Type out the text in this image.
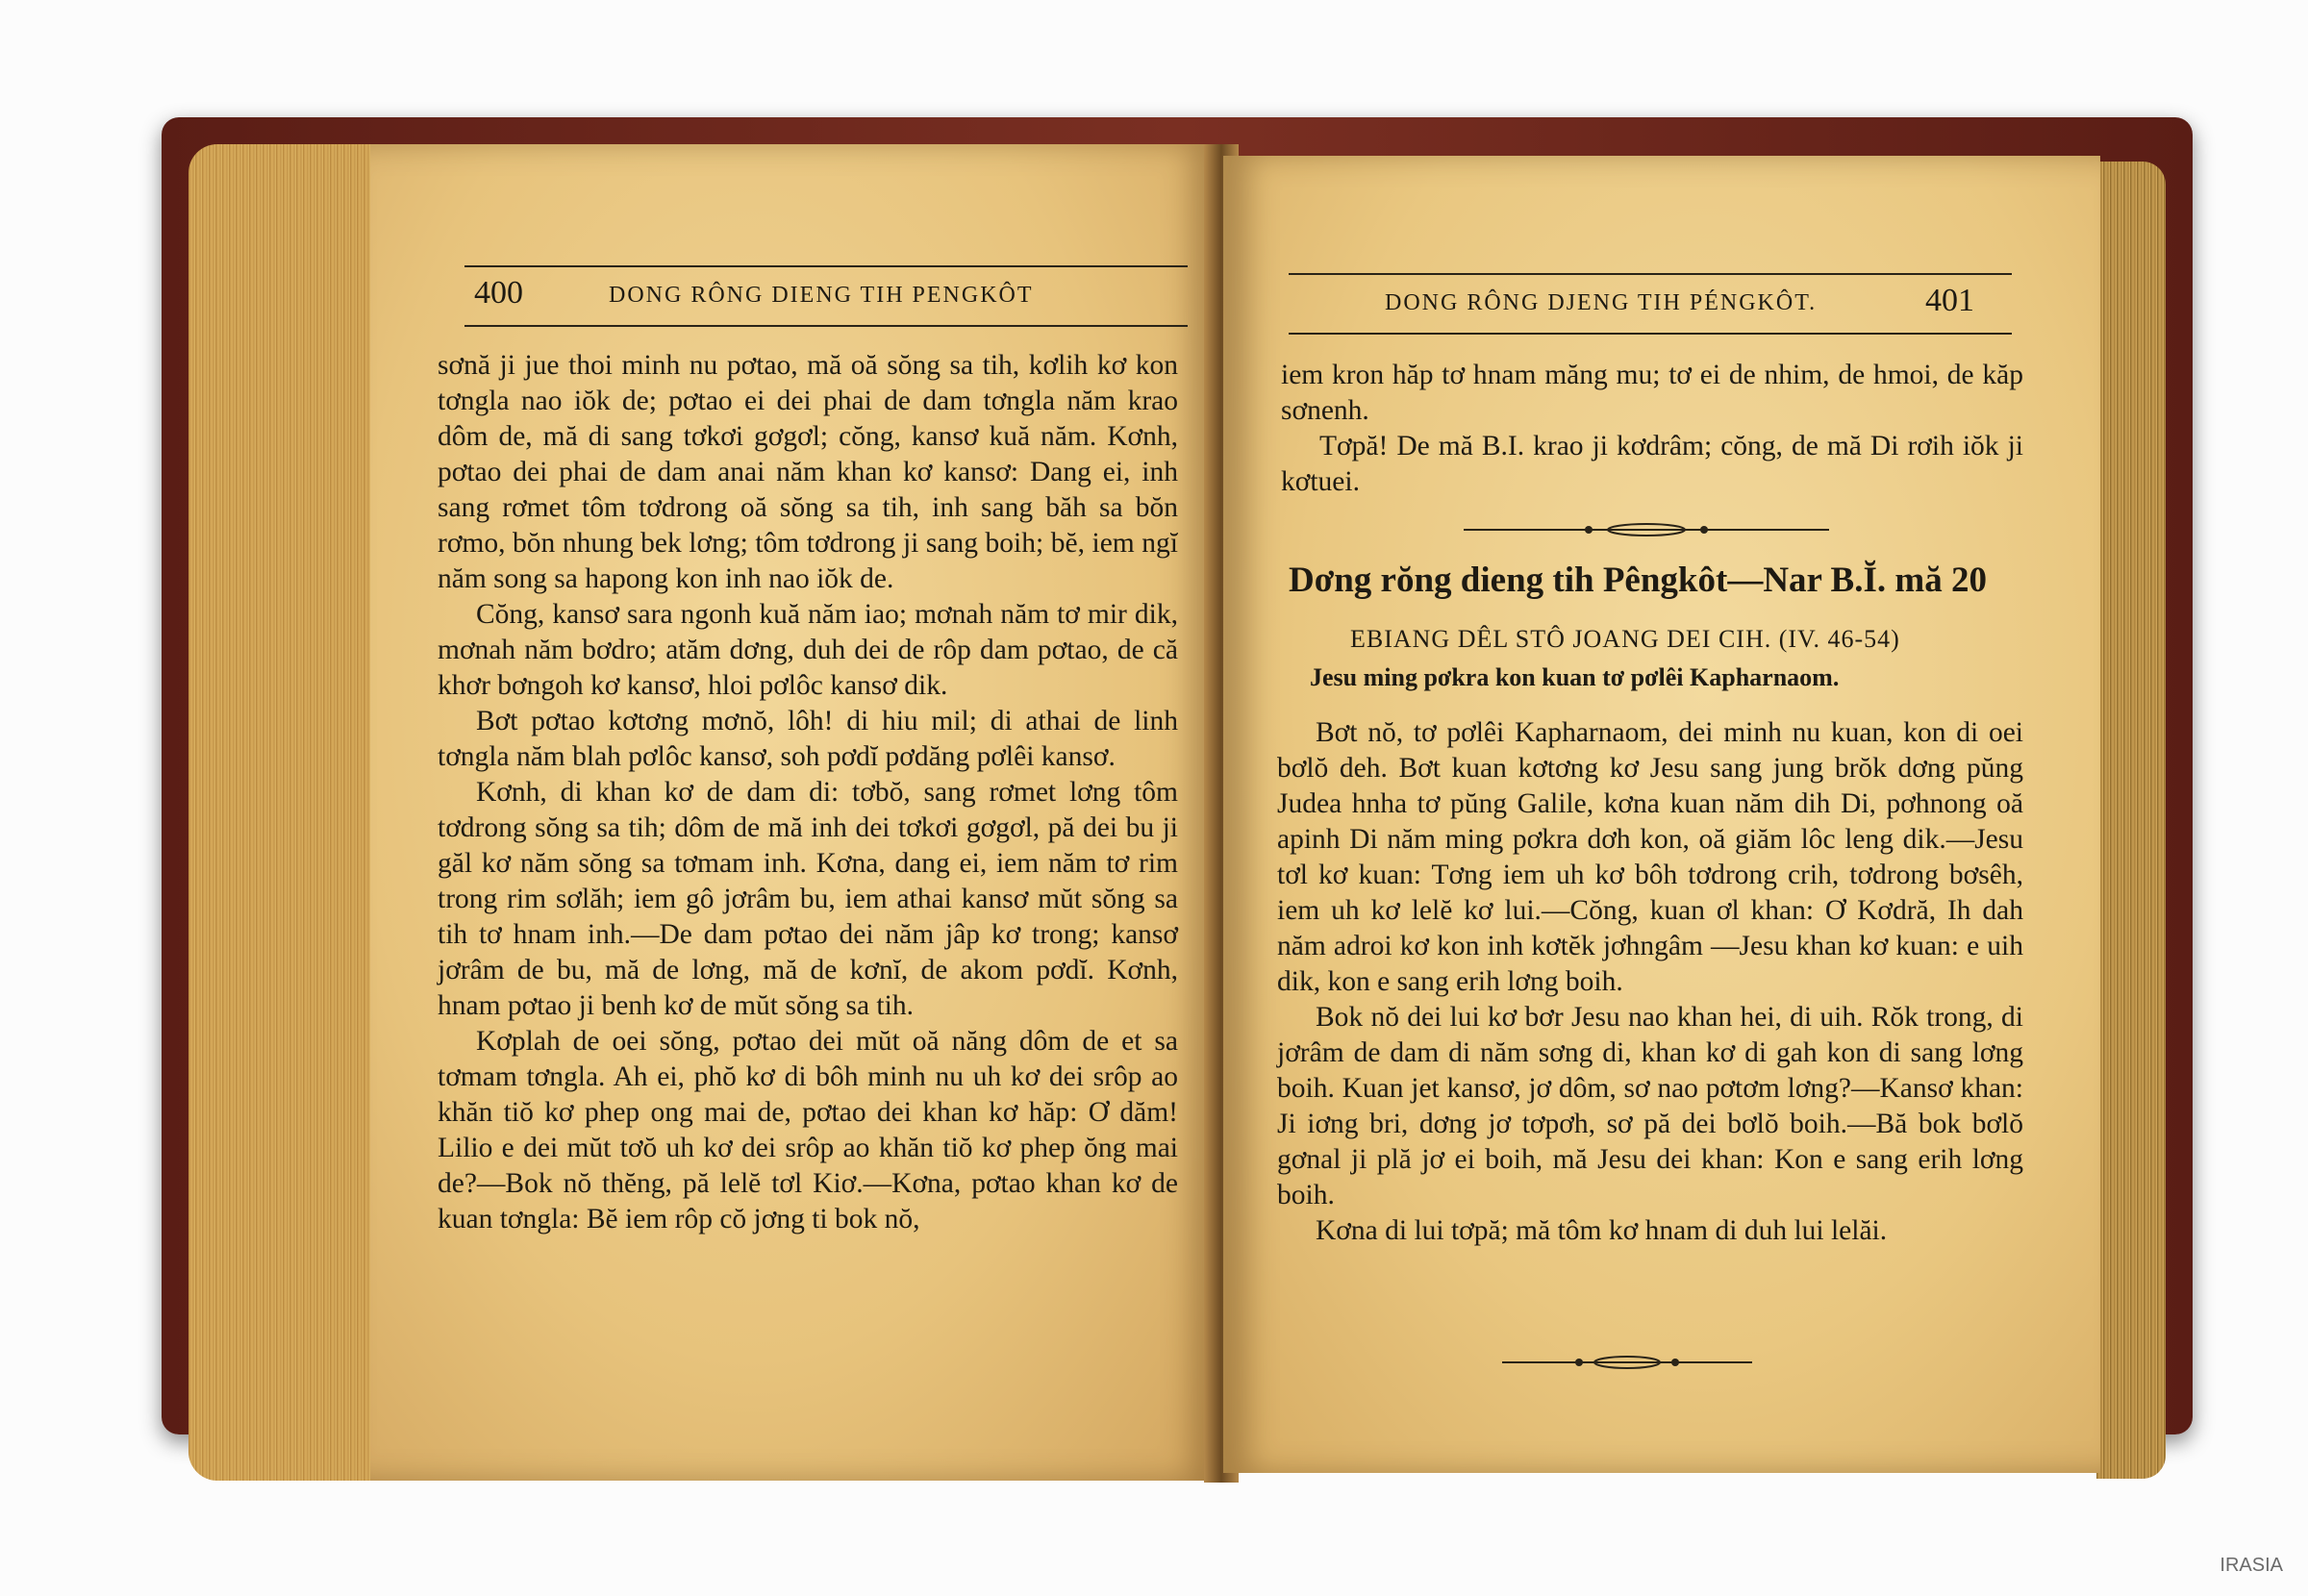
400	DONG RÔNG DIENG TIH PENGKÔT

sơnă ji jue thoi minh nu pơtao, mă oă sŏng sa tih, kơlih kơ kon tơngla nao iŏk de; pơtao ei dei phai de dam tơngla năm krao dôm de, mă di sang tơkơi gơgơl; cŏng, kansơ kuă năm. Kơnh, pơtao dei phai de dam anai năm khan kơ kansơ: Dang ei, inh sang rơmet tôm tơdrong oă sŏng sa tih, inh sang băh sa bŏn rơmo, bŏn nhung bek lơng; tôm tơdrong ji sang boih; bĕ, iem ngĭ năm song sa hapong kon inh nao iŏk de.

Cŏng, kansơ sara ngonh kuă năm iao; mơnah năm tơ mir dik, mơnah năm bơdro; atăm dơng, duh dei de rôp dam pơtao, de că khơr bơngoh kơ kansơ, hloi pơlôc kansơ dik.

Bơt pơtao kơtơng mơnŏ, lôh! di hiu mil; di athai de linh tơngla năm blah pơlôc kansơ, soh pơdĭ pơdăng pơlêi kansơ.

Kơnh, di khan kơ de dam di: tơbŏ, sang rơmet lơng tôm tơdrong sŏng sa tih; dôm de mă inh dei tơkơi gơgơl, pă dei bu ji găl kơ năm sŏng sa tơmam inh. Kơna, dang ei, iem năm tơ rim trong rim sơlăh; iem gô jơrâm bu, iem athai kansơ mŭt sŏng sa tih tơ hnam inh.—De dam pơtao dei năm jâp kơ trong; kansơ jơrâm de bu, mă de lơng, mă de kơnĭ, de akom pơdĭ. Kơnh, hnam pơtao ji benh kơ de mŭt sŏng sa tih.

Kơplah de oei sŏng, pơtao dei mŭt oă năng dôm de et sa tơmam tơngla. Ah ei, phŏ kơ di bôh minh nu uh kơ dei srôp ao khăn tiŏ kơ phep ong mai de, pơtao dei khan kơ hăp: Ơ dăm! Lilio e dei mŭt tơŏ uh kơ dei srôp ao khăn tiŏ kơ phep ŏng mai de?—Bok nŏ thĕng, pă lelĕ tơl Kiơ.—Kơna, pơtao khan kơ de kuan tơngla: Bĕ iem rôp cŏ jơng ti bok nŏ,

DONG RÔNG DJENG TIH PÉNGKÔT.	401

iem kron hăp tơ hnam măng mu; tơ ei de nhim, de hmoi, de kăp sơnenh.

Tơpă! De mă B.I. krao ji kơdrâm; cŏng, de mă Di rơih iŏk ji kơtuei.

Dơng rŏng dieng tih Pêngkôt—Nar B.Ĭ. mă 20
EBIANG DÊL STÔ JOANG DEI CIH. (IV. 46-54)
Jesu ming pơkra kon kuan tơ pơlêi Kapharnaom.

Bơt nŏ, tơ pơlêi Kapharnaom, dei minh nu kuan, kon di oei bơlŏ deh. Bơt kuan kơtơng kơ Jesu sang jung brŏk dơng pŭng Judea hnha tơ pŭng Galile, kơna kuan năm dih Di, pơhnong oă apinh Di năm ming pơkra dơh kon, oă giăm lôc leng dik.—Jesu tơl kơ kuan: Tơng iem uh kơ bôh tơdrong crih, tơdrong bơsêh, iem uh kơ lelĕ kơ lui.—Cŏng, kuan ơl khan: Ơ Kơdră, Ih dah năm adroi kơ kon inh kơtĕk jơhngâm —Jesu khan kơ kuan: e uih dik, kon e sang erih lơng boih.

Bok nŏ dei lui kơ bơr Jesu nao khan hei, di uih. Rŏk trong, di jơrâm de dam di năm sơng di, khan kơ di gah kon di sang lơng boih. Kuan jet kansơ, jơ dôm, sơ nao pơtơm lơng?—Kansơ khan: Ji iơng bri, dơng jơ tơpơh, sơ pă dei bơlŏ boih.—Bă bok bơlŏ gơnal ji plă jơ ei boih, mă Jesu dei khan: Kon e sang erih lơng boih.

Kơna di lui tơpă; mă tôm kơ hnam di duh lui lelăi.

IRASIA
